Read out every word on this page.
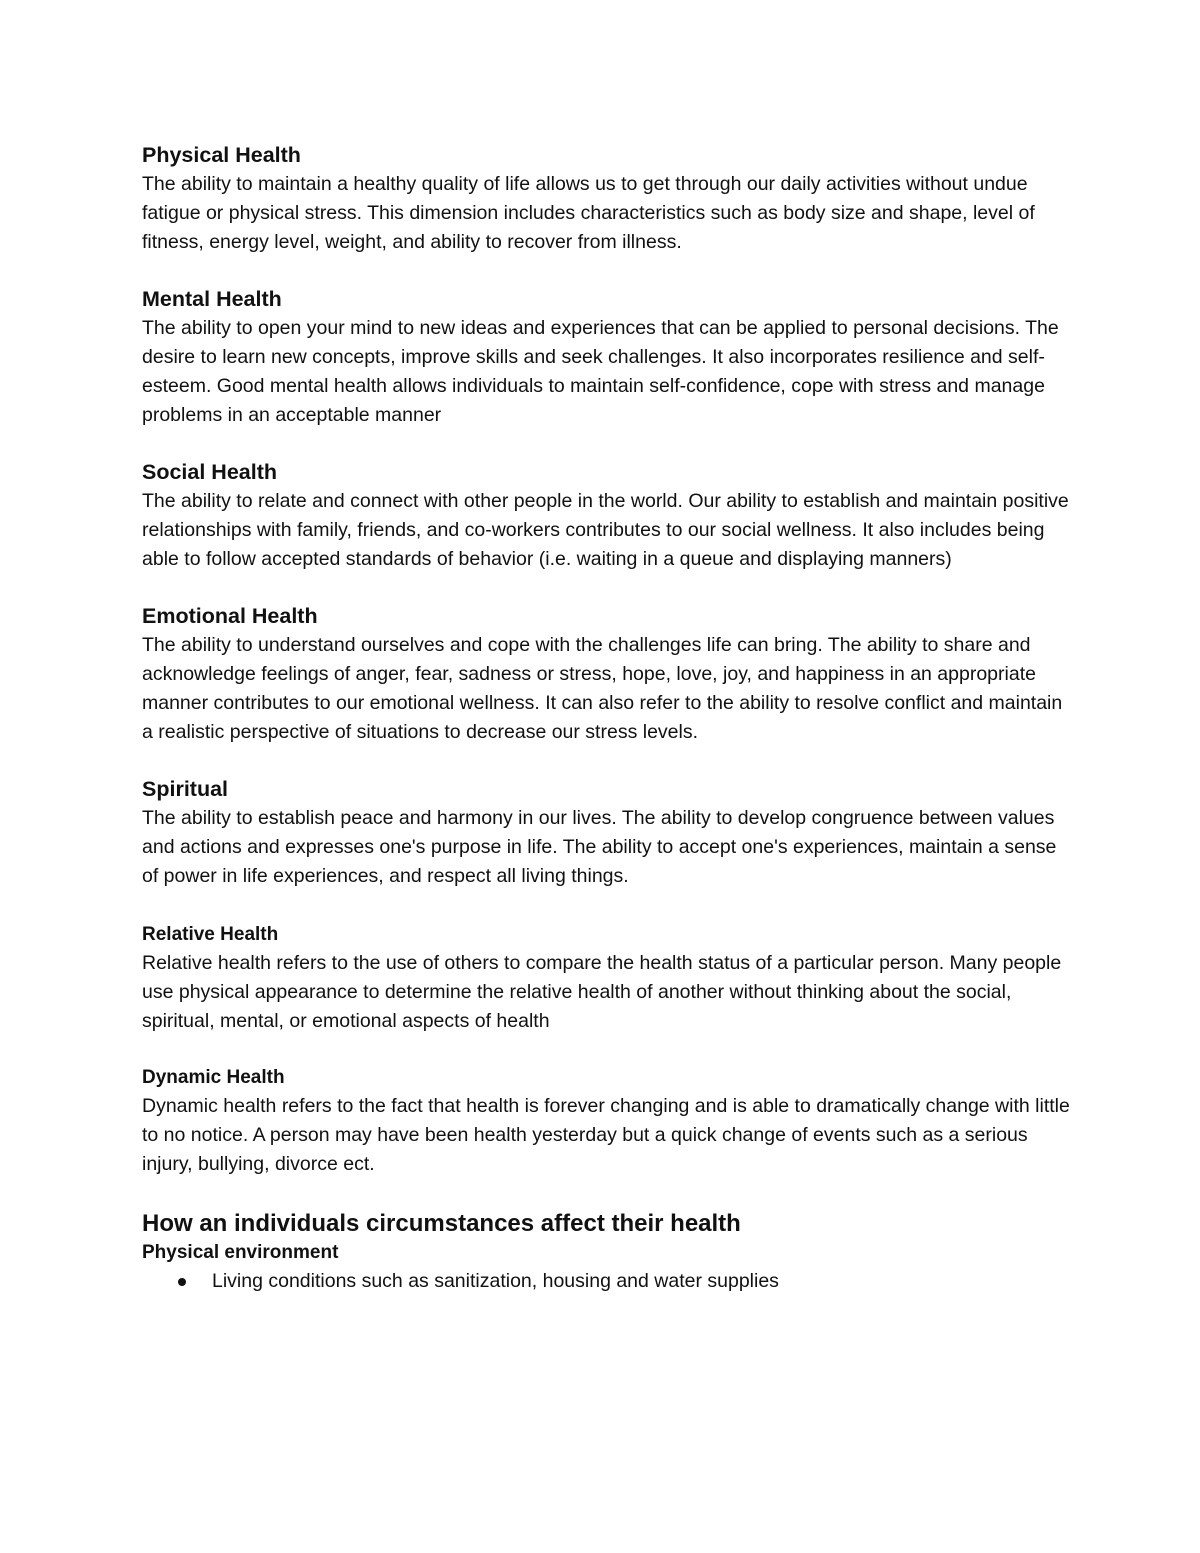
Physical Health

The ability to maintain a healthy quality of life allows us to get through our daily activities without undue fatigue or physical stress. This dimension includes characteristics such as body size and shape, level of fitness, energy level, weight, and ability to recover from illness.

Mental Health

The ability to open your mind to new ideas and experiences that can be applied to personal decisions. The desire to learn new concepts, improve skills and seek challenges. It also incorporates resilience and self-esteem. Good mental health allows individuals to maintain self-confidence, cope with stress and manage problems in an acceptable manner

Social Health

The ability to relate and connect with other people in the world. Our ability to establish and maintain positive relationships with family, friends, and co-workers contributes to our social wellness. It also includes being able to follow accepted standards of behavior (i.e. waiting in a queue and displaying manners)

Emotional Health

The ability to understand ourselves and cope with the challenges life can bring. The ability to share and acknowledge feelings of anger, fear, sadness or stress, hope, love, joy, and happiness in an appropriate manner contributes to our emotional wellness. It can also refer to the ability to resolve conflict and maintain a realistic perspective of situations to decrease our stress levels.

Spiritual

The ability to establish peace and harmony in our lives. The ability to develop congruence between values and actions and expresses one's purpose in life. The ability to accept one's experiences, maintain a sense of power in life experiences, and respect all living things.

Relative Health

Relative health refers to the use of others to compare the health status of a particular person. Many people use physical appearance to determine the relative health of another without thinking about the social, spiritual, mental, or emotional aspects of health

Dynamic Health

Dynamic health refers to the fact that health is forever changing and is able to dramatically change with little to no notice. A person may have been health yesterday but a quick change of events such as a serious injury, bullying, divorce ect.

How an individuals circumstances affect their health
Physical environment
Living conditions such as sanitization, housing and water supplies
